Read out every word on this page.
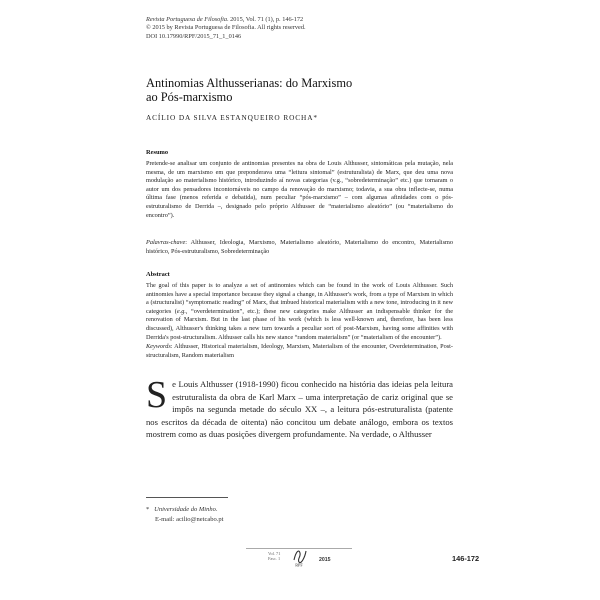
Revista Portuguesa de Filosofia. 2015, Vol. 71 (1), p. 146-172
© 2015 by Revista Portuguesa de Filosofia. All rights reserved.
DOI 10.17990/RPF/2015_71_1_0146
Antinomias Althusserianas: do Marxismo
ao Pós-marxismo
ACÍLIO DA SILVA ESTANQUEIRO ROCHA*
Resumo
Pretende-se analisar um conjunto de antinomias presentes na obra de Louis Althusser, sintomáticas pela mutação, nela mesma, de um marxismo em que preponderava uma “leitura sintomal” (estruturalista) de Marx, que deu uma nova modulação ao materialismo histórico, introduzindo aí novas categorias (v.g., “sobredeterminação” etc.) que tornaram o autor um dos pensadores incontornáveis no campo da renovação do marxismo; todavia, a sua obra inflecte-se, numa última fase (menos referida e debatida), num peculiar “pós-marxismo” – com algumas afinidades com o pós-estruturalismo de Derrida –, designado pelo próprio Althusser de “materialismo aleatório” (ou “materialismo do encontro”).
Palavras-chave: Althusser, Ideologia, Marxismo, Materialismo aleatório, Materialismo do encontro, Materialismo histórico, Pós-estruturalismo, Sobredeterminação
Abstract
The goal of this paper is to analyze a set of antinomies which can be found in the work of Louis Althusser. Such antinomies have a special importance because they signal a change, in Althusser's work, from a type of Marxism in which a (structuralist) “symptomatic reading” of Marx, that imbued historical materialism with a new tone, introducing in it new categories (e.g., “overdetermination”, etc.); these new categories make Althusser an indispensable thinker for the renovation of Marxism. But in the last phase of his work (which is less well-known and, therefore, has been less discussed), Althusser's thinking takes a new turn towards a peculiar sort of post-Marxism, having some affinities with Derrida's post-structuralism. Althusser calls his new stance “random materialism” (or “materialism of the encounter”).
Keywords: Althusser, Historical materialism, Ideology, Marxism, Materialism of the encounter, Overdetermination, Post-structuralism, Random materialism
Se Louis Althusser (1918-1990) ficou conhecido na história das ideias pela leitura estruturalista da obra de Karl Marx – uma interpretação de cariz original que se impôs na segunda metade do século XX –, a leitura pós-estruturalista (patente nos escritos da década de oitenta) não concitou um debate análogo, embora os textos mostrem como as duas posições divergem profundamente. Na verdade, o Althusser
* Universidade do Minho.
E-mail: acilio@netcabo.pt
Vol. 71
Fasc. 1
RPF
2015	146-172
